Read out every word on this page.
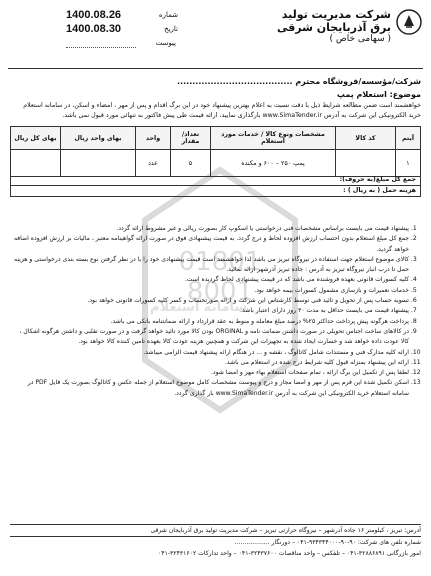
شرکت مدیریت تولید برق آذربایجان شرقی
( سهامی خاص )
1400.08.26	شماره
1400.08.30	تاریخ
پیوست
01801
8001
شرکت/مؤسسه/فروشگاه محترم ......................................
موضوع: استعلام پمپ
خواهشمند است ضمن مطالعه شرایط ذیل با دقت نسبت به اعلام بهترین پیشنهاد خود در این برگ اقدام و پس از مهر ، امضاء و اسکن، در سامانه استعلام خرید الکترونیکی این شرکت به آدرس www.SimaTender.ir بارگذاری نمایید، ارائه قیمت طی پیش فاکتور به تنهائی مورد قبول نمی باشد.
آیتم	کد کالا	مشخصات ونوع کالا / خدمات مورد استعلام	تعداد/مقدار	واحد	بهای واحد ریال	بهای کل ریال
۱		پمپ ۲۵۰ – ۶۰۰ و مکنده	۵	عدد		
جمع کل مبلغ(به حروف):
هزینه حمل ( به ریال ) :
1. پیشنهاد قیمت می بایست براساس مشخصات فنی درخواستی یا اسکوپ کار بصورت ریالی و غیر مشروط ارائه گردد.
2. جمع کل مبلغ استعلام بدون احتساب ارزش افزوده لحاظ و درج گردد. به قیمت پیشنهادی فوق در صورت ارائه گواهینامه معتبر ، مالیات بر ارزش افزوده اضافه خواهد گردید.
3. کالای موضوع استعلام جهت استفاده در نیروگاه تبریز می باشد لذا خواهشمند است قیمت پیشنهادی خود را با در نظر گرفتن نوع بسته بندی درخواستی و هزینه حمل تا درب انبار نیروگاه تبریز به آدرس : جاده تبریز آذرشهر ارائه نمائید.
4. کلیه کسورات قانونی بعهده فروشنده می باشد که در قیمت پیشنهادی لحاظ گردیده است.
5. خدمات تعمیرات و بازسازی مشمول کسورات بیمه خواهد بود.
6. تسویه حساب پس از تحویل و تائید فنی توسط کارشناس این شرکت و ارائه صورتحساب و کسر کلیه کسورات قانونی خواهد بود.
7. پیشنهاد قیمت می بایست حداقل به مدت ۳۰ روز دارای اعتبار باشد.
8. پرداخت هرگونه پیش پرداخت حداکثر ۲۵% درصد مبلغ معامله و منوط به عقد قرارداد و ارائه ضمانتنامه بانکی می باشد.
9. در کالاهای ساخت اجناس تحویلی در صورت داشتن ضمانت نامه و ORGINAL بودن کالا مورد تائید خواهد گرفت و در صورت تقلبی و داشتن هرگونه اشکال ، کالا عودت داده خواهد شد و خسارت ایجاد شده به تجهیزات این شرکت و همچنین هزینه عودت کالا بعهده تامین کننده کالا خواهد بود.
10. ارائه کلیه مدارک فنی و مستندات شامل کاتالوگ ، نقشه و ... در هنگام ارائه پیشنهاد قیمت الزامی میباشد.
11. ارائه این پیشنهاد بمنزله قبول کلیه شرایط درج شده در استعلام می باشد.
12. لطفا پس از تکمیل این برگ ارائه ، تمام صفحات استعلام بهاء مهر و امضا شود.
13. اسکن تکمیل شده این فرم پس از مهر و امضا مجاز و درج و پیوست مشخصات کامل موضوع استعلام از جمله عکس و کاتالوگ بصورت یک فایل PDF در سامانه استعلام خرید الکترونیکی این شرکت به آدرس www.SimaTender.ir بار گذاری گردد.
سامانه استعلام
آدرس: تبریز ، کیلومتر ۱۶ جاده آذرشهر – نیروگاه حرارتی تبریز – شرکت مدیریت تولید برق آذربایجان شرقی
شماره تلفن های شرکت: ۹۰-۹۰-۹۳۴۳۴۴۰۰۰-۰۴۱ – دورنگار ..................
امور بازرگانی ۳۲۸۸۶۸۹۱-۰۴۱ – تلفکس – واحد مناقصات ۳۲۴۳۷۶۰۰-۰۴۱ – واحد تدارکات ۳۲۴۳۱۶۰۲-۰۴۱
